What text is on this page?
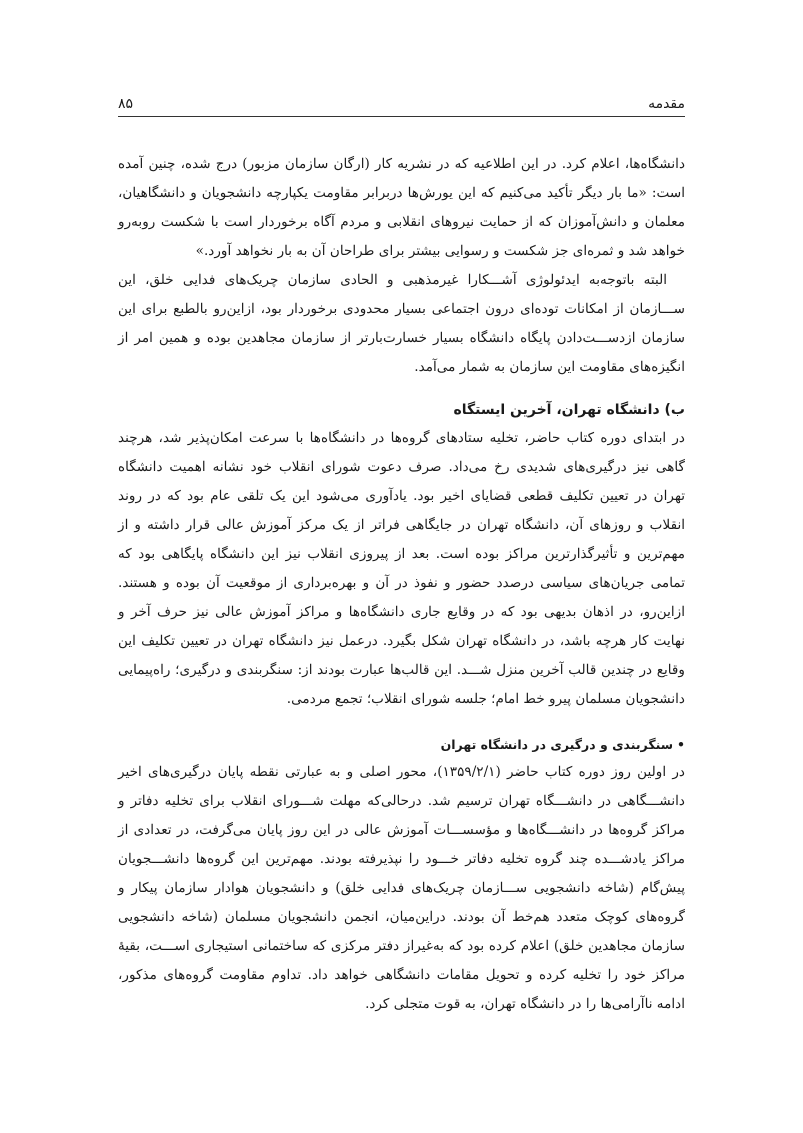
مقدمه
۸۵

دانشگاه‌ها، اعلام کرد. در این اطلاعیه که در نشریه کار (ارگان سازمان مزبور) درج شده، چنین آمده است: «ما بار دیگر تأکید می‌کنیم که این یورش‌ها دربرابر مقاومت یکپارچه دانشجویان و دانشگاهیان، معلمان و دانش‌آموزان که از حمایت نیروهای انقلابی و مردم آگاه برخوردار است با شکست روبه‌رو خواهد شد و ثمره‌ای جز شکست و رسوایی بیشتر برای طراحان آن به بار نخواهد آورد.»

البته باتوجه‌به ایدئولوژی آشـــکارا غیرمذهبی و الحادی سازمان چریک‌های فدایی خلق، این ســـازمان از امکانات توده‌ای درون اجتماعی بسیار محدودی برخوردار بود، ازاین‌رو بالطبع برای این سازمان ازدســـت‌دادن پایگاه دانشگاه بسیار خسارت‌بارتر از سازمان مجاهدین بوده و همین امر از انگیزه‌های مقاومت این سازمان به شمار می‌آمد.

ب) دانشگاه تهران، آخرین ایستگاه

در ابتدای دوره کتاب حاضر، تخلیه ستادهای گروه‌ها در دانشگاه‌ها با سرعت امکان‌پذیر شد، هرچند گاهی نیز درگیری‌های شدیدی رخ می‌داد. صرف دعوت شورای انقلاب خود نشانه اهمیت دانشگاه تهران در تعیین تکلیف قطعی قضایای اخیر بود. یادآوری می‌شود این یک تلقی عام بود که در روند انقلاب و روزهای آن، دانشگاه تهران در جایگاهی فراتر از یک مرکز آموزش عالی قرار داشته و از مهم‌ترین و تأثیرگذارترین مراکز بوده است. بعد از پیروزی انقلاب نیز این دانشگاه پایگاهی بود که تمامی جریان‌های سیاسی درصدد حضور و نفوذ در آن و بهره‌برداری از موقعیت آن بوده و هستند. ازاین‌رو، در اذهان بدیهی بود که در وقایع جاری دانشگاه‌ها و مراکز آموزش عالی نیز حرف آخر و نهایت کار هرچه باشد، در دانشگاه تهران شکل بگیرد. درعمل نیز دانشگاه تهران در تعیین تکلیف این وقایع در چندین قالب آخرین منزل شـــد. این قالب‌ها عبارت بودند از: سنگربندی و درگیری؛ راه‌پیمایی دانشجویان مسلمان پیرو خط امام؛ جلسه شورای انقلاب؛ تجمع مردمی.

•سنگربندی و درگیری در دانشگاه تهران

در اولین روز دوره کتاب حاضر (۱۳۵۹/۲/۱)، محور اصلی و به عبارتی نقطه پایان درگیری‌های اخیر دانشـــگاهی در دانشـــگاه تهران ترسیم شد. درحالی‌که مهلت شـــورای انقلاب برای تخلیه دفاتر و مراکز گروه‌ها در دانشـــگاه‌ها و مؤسســـات آموزش عالی در این روز پایان می‌گرفت، در تعدادی از مراکز یادشـــده چند گروه تخلیه دفاتر خـــود را نپذیرفته بودند. مهم‌ترین این گروه‌ها دانشـــجویان پیش‌گام (شاخه دانشجویی ســـازمان چریک‌های فدایی خلق) و دانشجویان هوادار سازمان پیکار و گروه‌های کوچک متعدد هم‌خط آن بودند. دراین‌میان، انجمن دانشجویان مسلمان (شاخه دانشجویی سازمان مجاهدین خلق) اعلام کرده بود که به‌غیراز دفتر مرکزی که ساختمانی استیجاری اســـت، بقیهٔ مراکز خود را تخلیه کرده و تحویل مقامات دانشگاهی خواهد داد. تداوم مقاومت گروه‌های مذکور، ادامه ناآرامی‌ها را در دانشگاه تهران، به قوت متجلی کرد.
